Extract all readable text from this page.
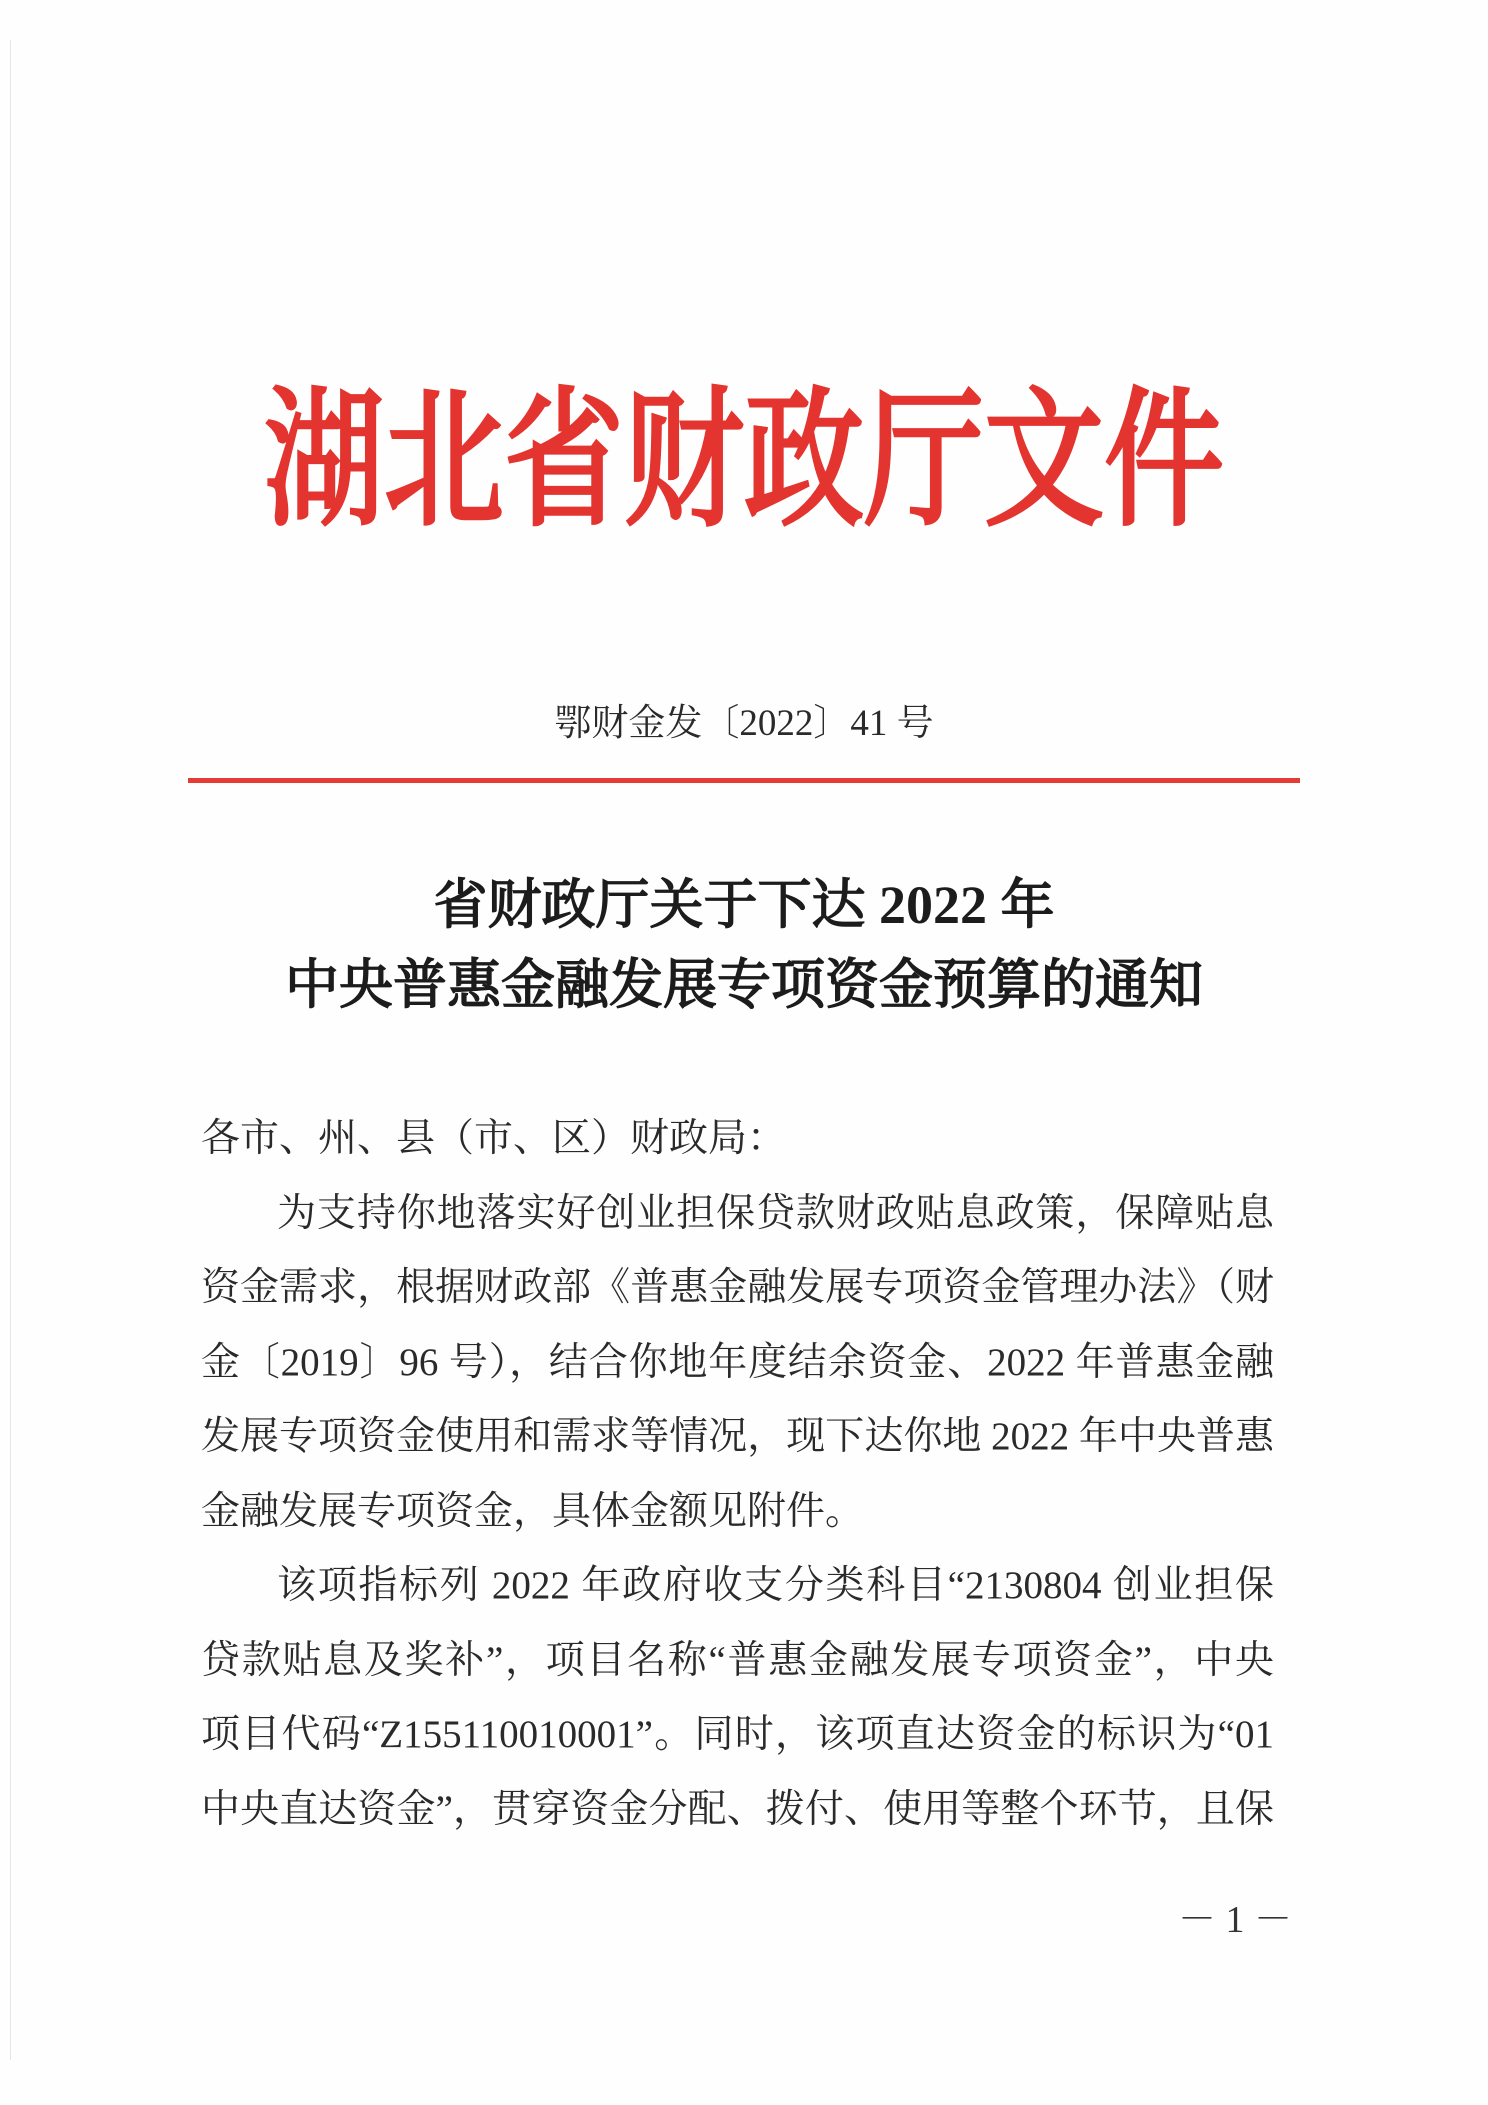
湖北省财政厅文件
鄂财金发〔2022〕41 号
省财政厅关于下达 2022 年
中央普惠金融发展专项资金预算的通知
各市、州、县（市、区）财政局：
为支持你地落实好创业担保贷款财政贴息政策，保障贴息
资金需求，根据财政部《普惠金融发展专项资金管理办法》（财
金〔2019〕96 号），结合你地年度结余资金、2022 年普惠金融
发展专项资金使用和需求等情况，现下达你地 2022 年中央普惠
金融发展专项资金，具体金额见附件。
该项指标列 2022 年政府收支分类科目“2130804 创业担保
贷款贴息及奖补”，项目名称“普惠金融发展专项资金”，中央
项目代码“Z155110010001”。同时，该项直达资金的标识为“01
中央直达资金”，贯穿资金分配、拨付、使用等整个环节，且保
－ 1 －
